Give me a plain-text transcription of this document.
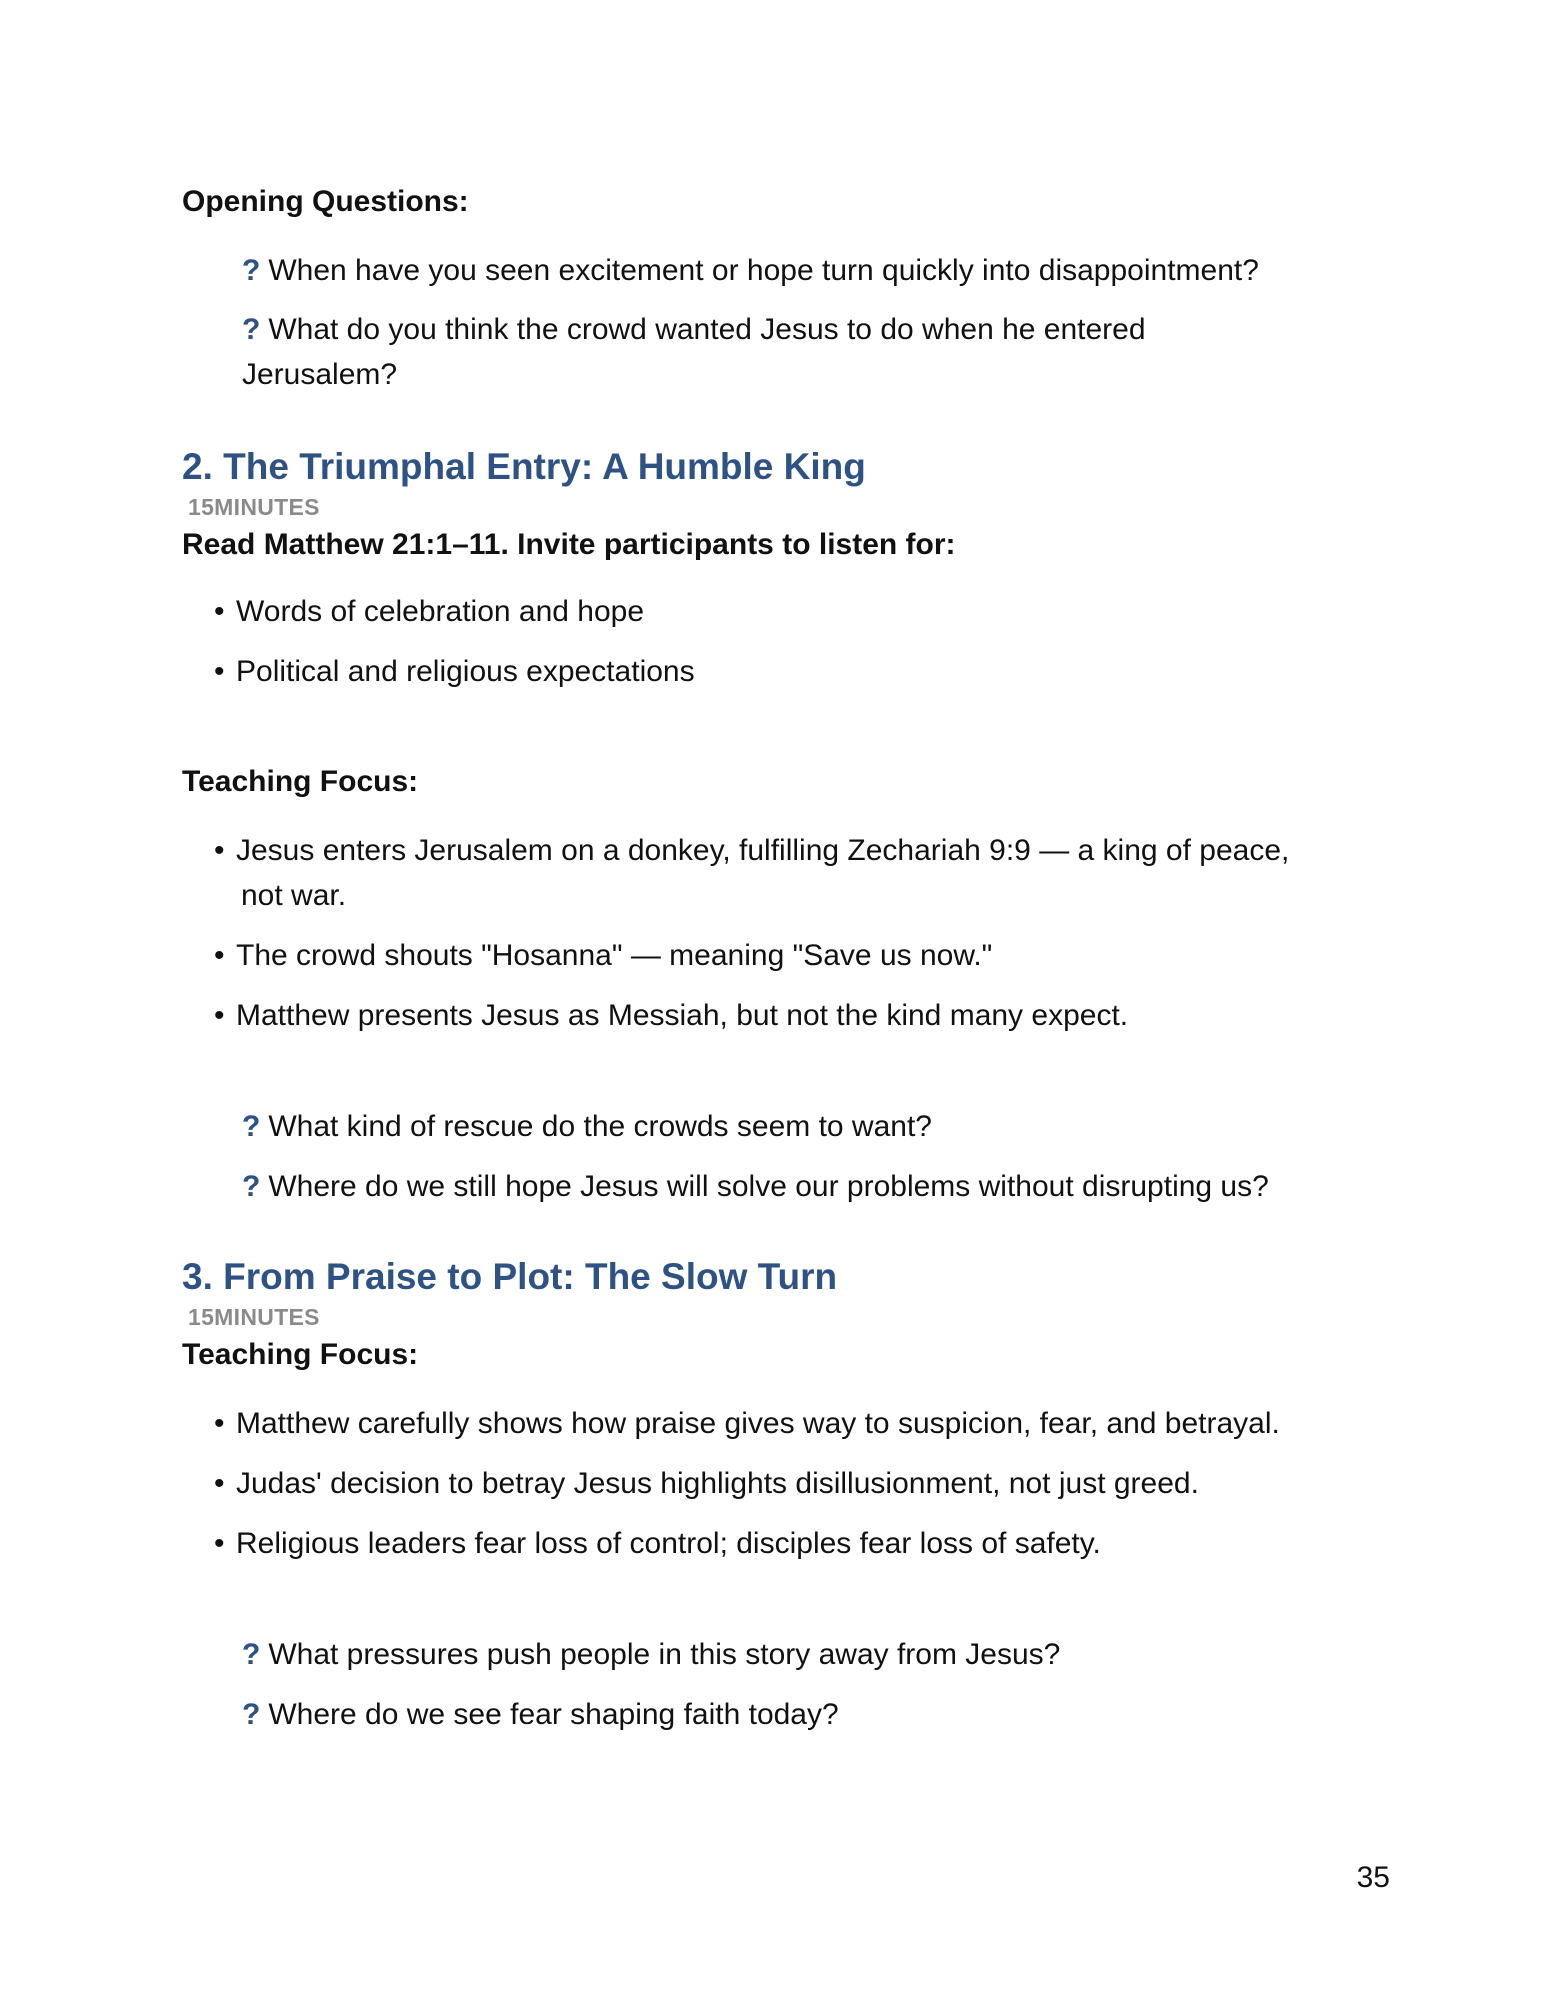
Opening Questions:

? When have you seen excitement or hope turn quickly into disappointment?
? What do you think the crowd wanted Jesus to do when he entered
Jerusalem?
2. The Triumphal Entry: A Humble King

15MINUTES

Read Matthew 21:1–11. Invite participants to listen for:

• Words of celebration and hope
• Political and religious expectations

Teaching Focus:

• Jesus enters Jerusalem on a donkey, fulfilling Zechariah 9:9 — a king of peace,
not war.
• The crowd shouts "Hosanna" — meaning "Save us now."
• Matthew presents Jesus as Messiah, but not the kind many expect.
? What kind of rescue do the crowds seem to want?
? Where do we still hope Jesus will solve our problems without disrupting us?
3. From Praise to Plot: The Slow Turn

15MINUTES

Teaching Focus:

• Matthew carefully shows how praise gives way to suspicion, fear, and betrayal.
• Judas' decision to betray Jesus highlights disillusionment, not just greed.
• Religious leaders fear loss of control; disciples fear loss of safety.
? What pressures push people in this story away from Jesus?
? Where do we see fear shaping faith today?
35
